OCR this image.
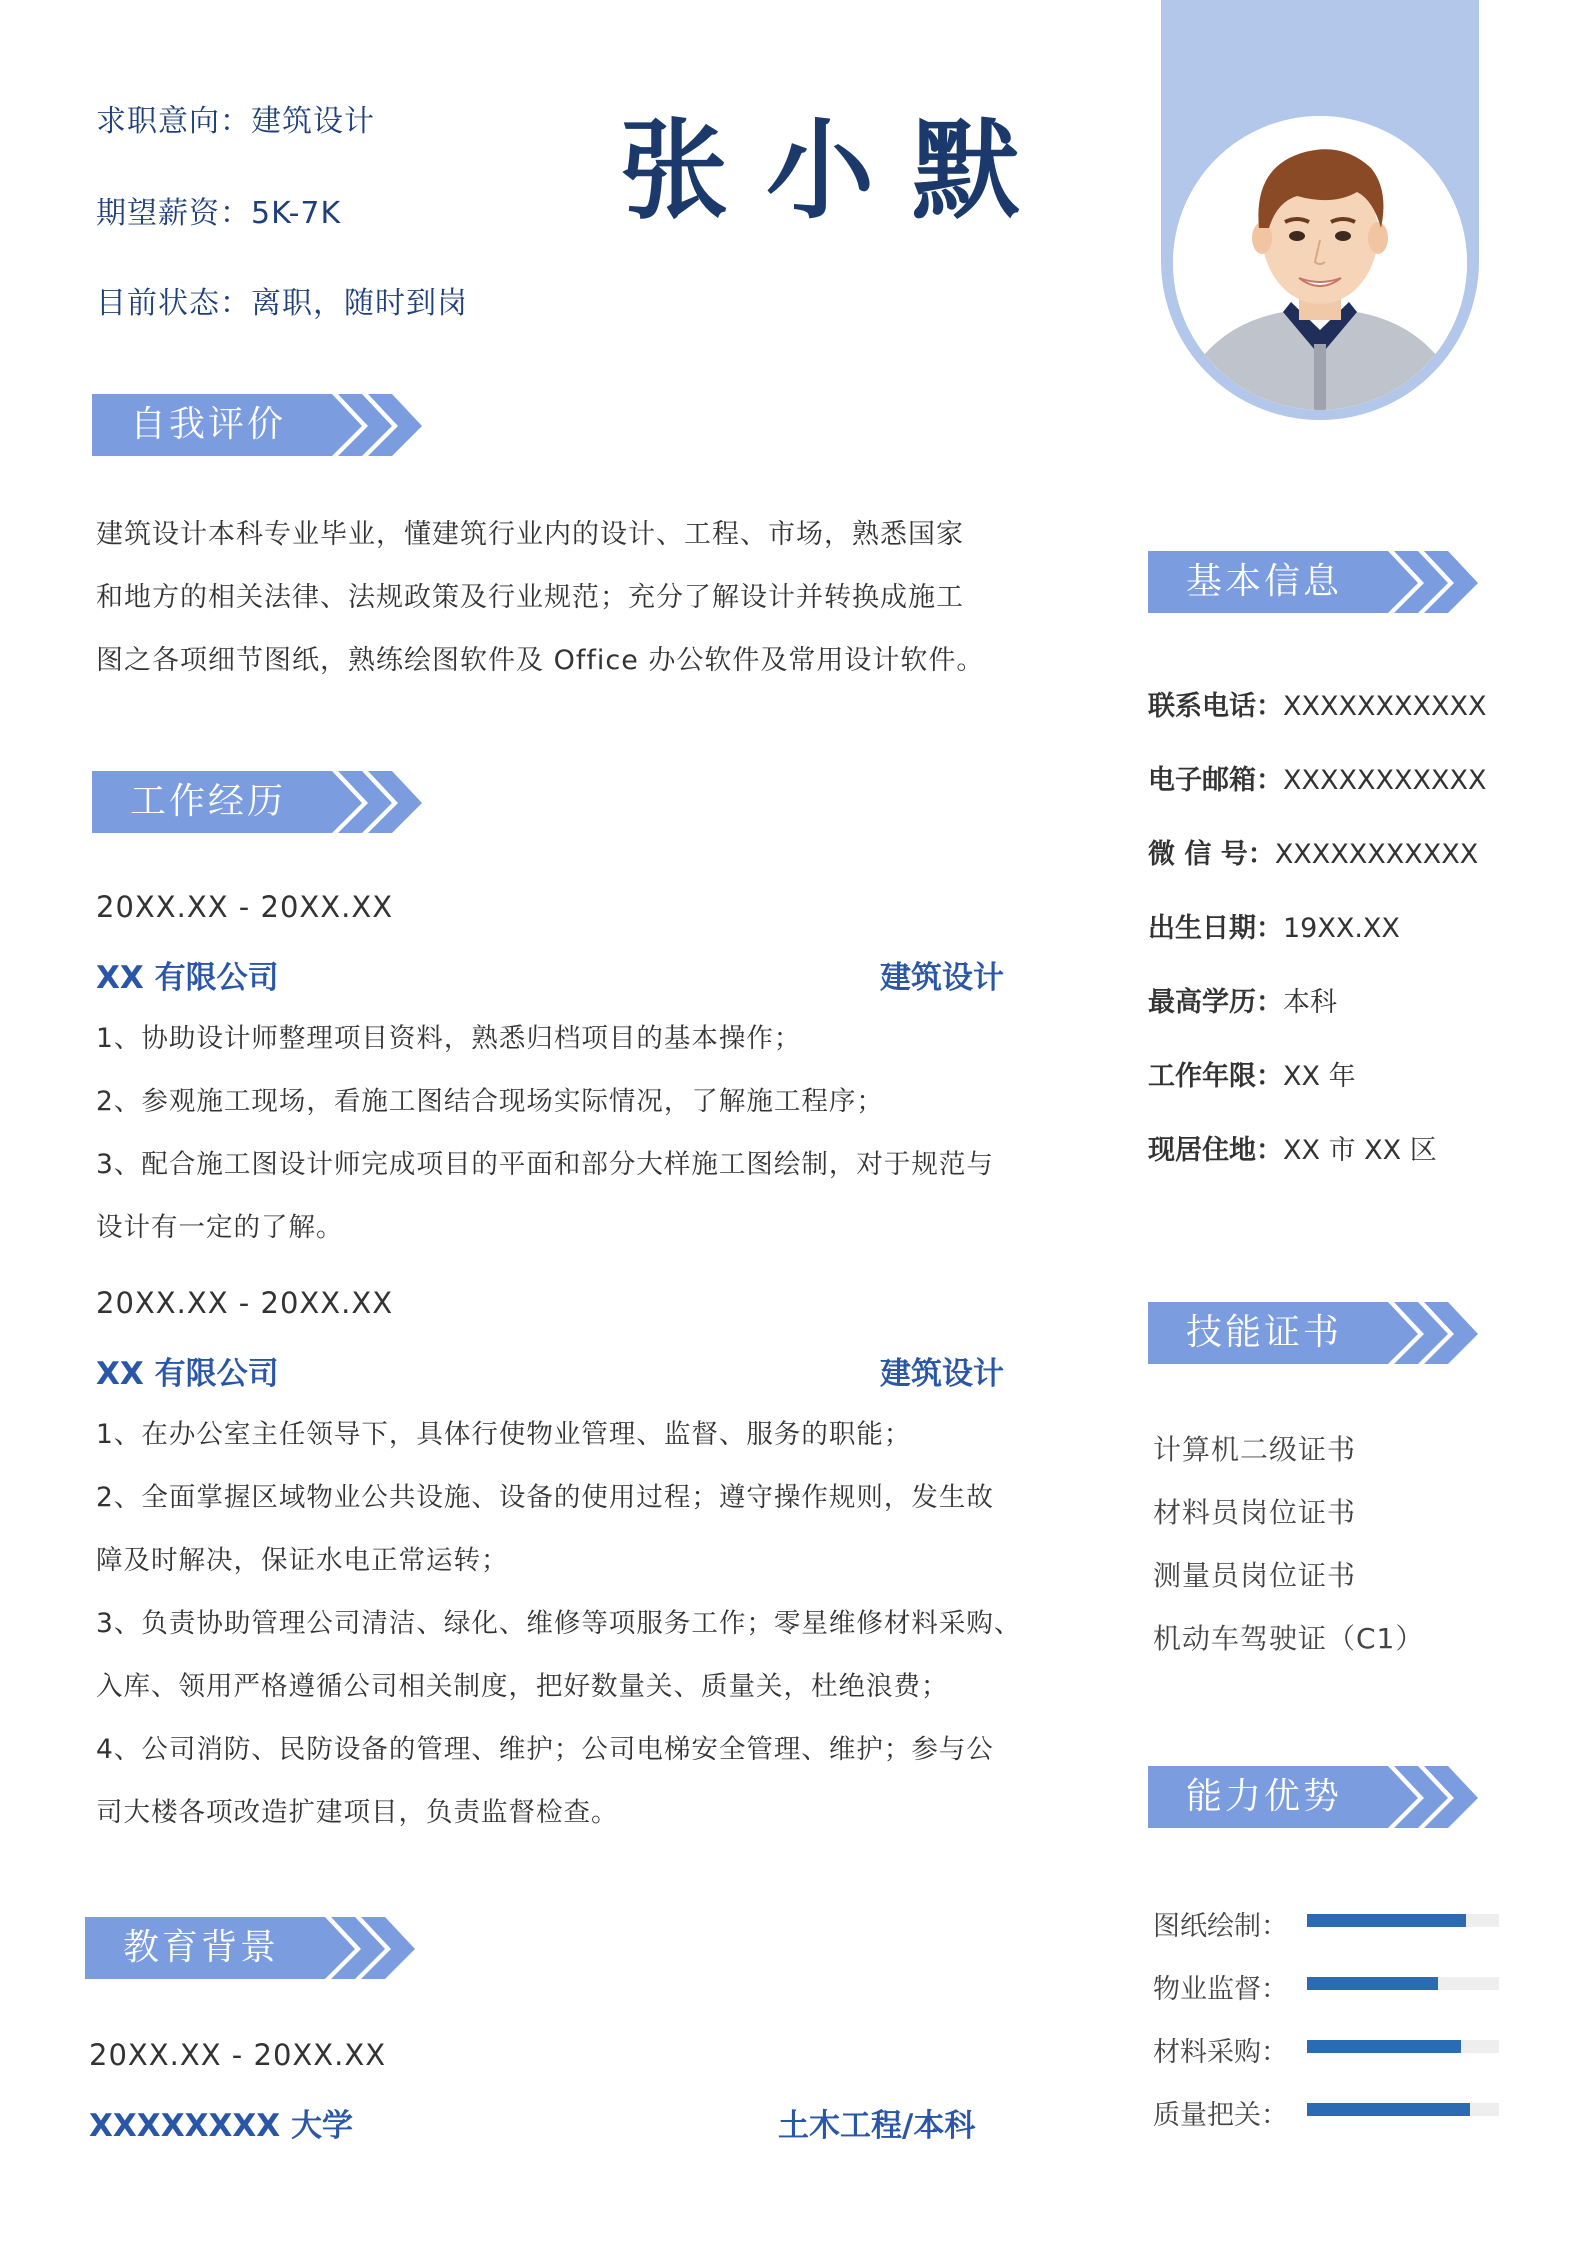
求职意向：建筑设计
期望薪资：5K-7K
目前状态：离职，随时到岗
张小默
自我评价
建筑设计本科专业毕业，懂建筑行业内的设计、工程、市场，熟悉国家
和地方的相关法律、法规政策及行业规范；充分了解设计并转换成施工
图之各项细节图纸，熟练绘图软件及 Office 办公软件及常用设计软件。
工作经历
20XX.XX - 20XX.XX
XX 有限公司	建筑设计
1、协助设计师整理项目资料，熟悉归档项目的基本操作；
2、参观施工现场，看施工图结合现场实际情况，了解施工程序；
3、配合施工图设计师完成项目的平面和部分大样施工图绘制，对于规范与
设计有一定的了解。
20XX.XX - 20XX.XX
XX 有限公司	建筑设计
1、在办公室主任领导下，具体行使物业管理、监督、服务的职能；
2、全面掌握区域物业公共设施、设备的使用过程；遵守操作规则，发生故
障及时解决，保证水电正常运转；
3、负责协助管理公司清洁、绿化、维修等项服务工作；零星维修材料采购、
入库、领用严格遵循公司相关制度，把好数量关、质量关，杜绝浪费；
4、公司消防、民防设备的管理、维护；公司电梯安全管理、维护；参与公
司大楼各项改造扩建项目，负责监督检查。
教育背景
20XX.XX - 20XX.XX
XXXXXXXX 大学	土木工程/本科
基本信息
联系电话：XXXXXXXXXXX
电子邮箱：XXXXXXXXXXX
微 信 号：XXXXXXXXXXX
出生日期：19XX.XX
最高学历：本科
工作年限：XX 年
现居住地：XX 市 XX 区
技能证书
计算机二级证书
材料员岗位证书
测量员岗位证书
机动车驾驶证（C1）
能力优势
图纸绘制：
物业监督：
材料采购：
质量把关：
